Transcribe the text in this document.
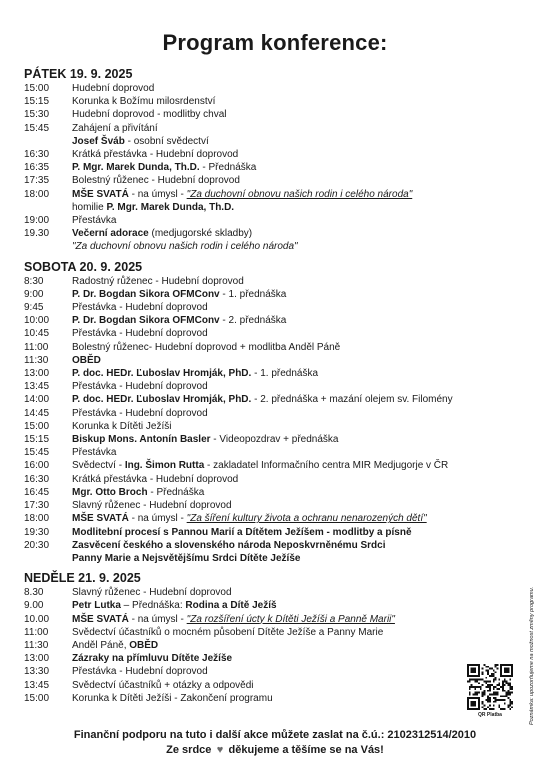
Program konference:
PÁTEK 19. 9. 2025
15:00	Hudební doprovod
15:15	Korunka k Božímu milosrdenství
15:30	Hudební doprovod - modlitby chval
15:45	Zahájení a přivítání
Josef Šváb - osobní svědectví
16:30	Krátká přestávka - Hudební doprovod
16:35	P. Mgr. Marek Dunda, Th.D. - Přednáška
17:35	Bolestný růženec - Hudební doprovod
18:00	MŠE SVATÁ - na úmysl - "Za duchovní obnovu našich rodin i celého národa"
homilie P. Mgr. Marek Dunda, Th.D.
19:00	Přestávka
19.30	Večerní adorace (medjugorské skladby)
"Za duchovní obnovu našich rodin i celého národa"
SOBOTA 20. 9. 2025
8:30	Radostný růženec - Hudební doprovod
9:00	P. Dr. Bogdan Sikora OFMConv - 1. přednáška
9:45	Přestávka - Hudební doprovod
10:00	P. Dr. Bogdan Sikora OFMConv - 2. přednáška
10:45	Přestávka - Hudební doprovod
11:00	Bolestný růženec- Hudební doprovod + modlitba Anděl Páně
11:30	OBĚD
13:00	P. doc. HEDr. Ľuboslav Hromják, PhD. - 1. přednáška
13:45	Přestávka - Hudební doprovod
14:00	P. doc. HEDr. Ľuboslav Hromják, PhD. - 2. přednáška + mazání olejem sv. Filomény
14:45	Přestávka - Hudební doprovod
15:00	Korunka k Dítěti Ježíši
15:15	Biskup Mons. Antonín Basler - Videopozdrav + přednáška
15:45	Přestávka
16:00	Svědectví - Ing. Šimon Rutta - zakladatel Informačního centra MIR Medjugorje v ČR
16:30	Krátká přestávka - Hudební doprovod
16:45	Mgr. Otto Broch - Přednáška
17:30	Slavný růženec - Hudební doprovod
18:00	MŠE SVATÁ - na úmysl - "Za šíření kultury života a ochranu nenarozených dětí"
19:30	Modlitební procesí s Pannou Marií a Dítětem Ježíšem - modlitby a písně
20:30	Zasvěcení českého a slovenského národa Neposkvrněnému Srdci
Panny Marie a Nejsvětějšímu Srdci Dítěte Ježíše
NEDĚLE 21. 9. 2025
8.30	Slavný růženec - Hudební doprovod
9.00	Petr Lutka – Přednáška: Rodina a Dítě Ježíš
10.00	MŠE SVATÁ - na úmysl - "Za rozšíření úcty k Dítěti Ježíši a Panně Marii"
11:00	Svědectví účastníků o mocném působení Dítěte Ježíše a Panny Marie
11:30	Anděl Páně, OBĚD
13:00	Zázraky na přímluvu Dítěte Ježíše
13:30	Přestávka - Hudební doprovod
13:45	Svědectví účastníků + otázky a odpovědi
15:00	Korunka k Dítěti Ježíši - Zakončení programu	Poznámka: upozorňujeme na možnost změny programu.
QR Platba
Finanční podporu na tuto i další akce můžete zaslat na č.ú.: 2102312514/2010
Ze srdce ♥ děkujeme a těšíme se na Vás!
